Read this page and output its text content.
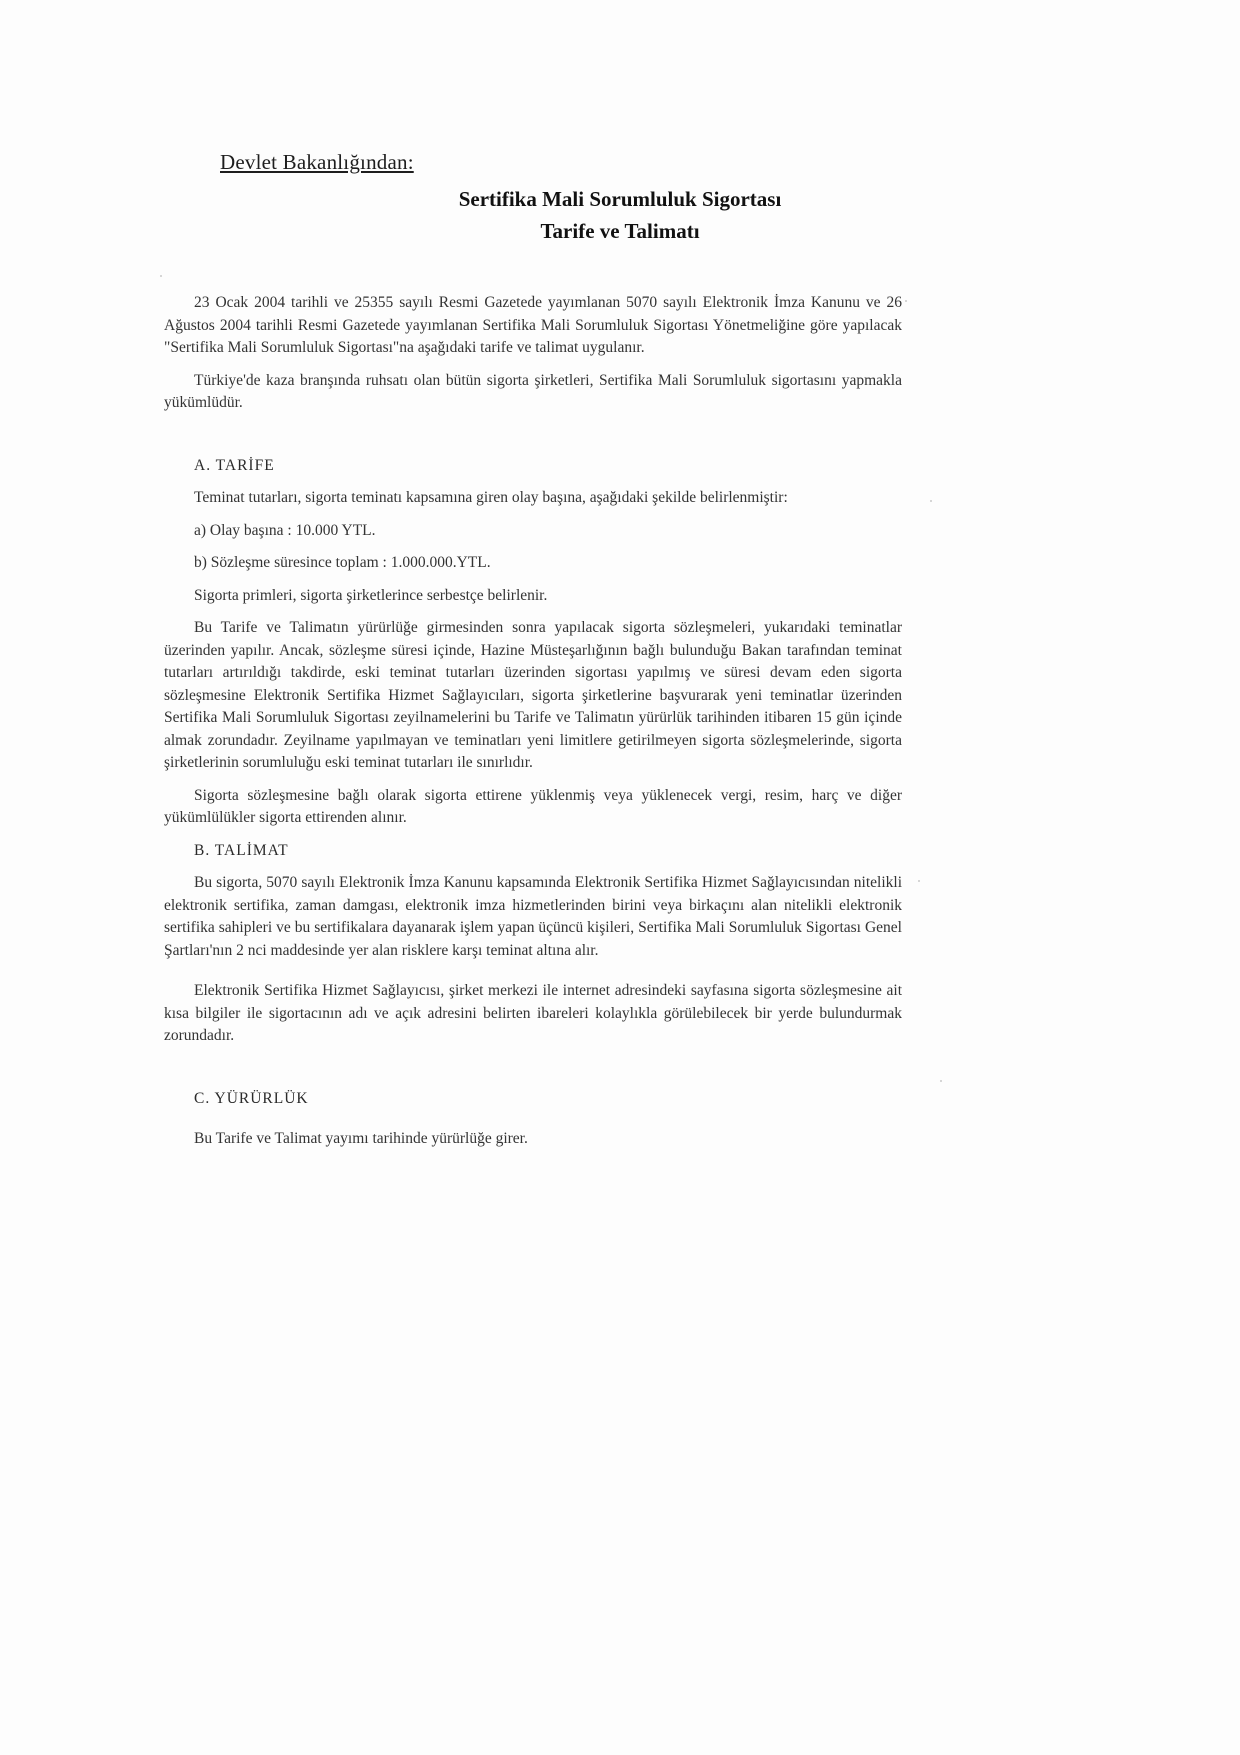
Devlet Bakanlığından:
Sertifika Mali Sorumluluk Sigortası
Tarife ve Talimatı

23 Ocak 2004 tarihli ve 25355 sayılı Resmi Gazetede yayımlanan 5070 sayılı Elektronik İmza Kanunu ve 26 Ağustos 2004 tarihli Resmi Gazetede yayımlanan Sertifika Mali Sorumluluk Sigortası Yönetmeliğine göre yapılacak "Sertifika Mali Sorumluluk Sigortası"na aşağıdaki tarife ve talimat uygulanır.

Türkiye'de kaza branşında ruhsatı olan bütün sigorta şirketleri, Sertifika Mali Sorumluluk sigortasını yapmakla yükümlüdür.

A. TARİFE

Teminat tutarları, sigorta teminatı kapsamına giren olay başına, aşağıdaki şekilde belirlenmiştir:

a) Olay başına : 10.000 YTL.
b) Sözleşme süresince toplam : 1.000.000.YTL.

Sigorta primleri, sigorta şirketlerince serbestçe belirlenir.

Bu Tarife ve Talimatın yürürlüğe girmesinden sonra yapılacak sigorta sözleşmeleri, yukarıdaki teminatlar üzerinden yapılır. Ancak, sözleşme süresi içinde, Hazine Müsteşarlığının bağlı bulunduğu Bakan tarafından teminat tutarları artırıldığı takdirde, eski teminat tutarları üzerinden sigortası yapılmış ve süresi devam eden sigorta sözleşmesine Elektronik Sertifika Hizmet Sağlayıcıları, sigorta şirketlerine başvurarak yeni teminatlar üzerinden Sertifika Mali Sorumluluk Sigortası zeyilnamelerini bu Tarife ve Talimatın yürürlük tarihinden itibaren 15 gün içinde almak zorundadır. Zeyilname yapılmayan ve teminatları yeni limitlere getirilmeyen sigorta sözleşmelerinde, sigorta şirketlerinin sorumluluğu eski teminat tutarları ile sınırlıdır.

Sigorta sözleşmesine bağlı olarak sigorta ettirene yüklenmiş veya yüklenecek vergi, resim, harç ve diğer yükümlülükler sigorta ettirenden alınır.

B. TALİMAT

Bu sigorta, 5070 sayılı Elektronik İmza Kanunu kapsamında Elektronik Sertifika Hizmet Sağlayıcısından nitelikli elektronik sertifika, zaman damgası, elektronik imza hizmetlerinden birini veya birkaçını alan nitelikli elektronik sertifika sahipleri ve bu sertifikalara dayanarak işlem yapan üçüncü kişileri, Sertifika Mali Sorumluluk Sigortası Genel Şartları'nın 2 nci maddesinde yer alan risklere karşı teminat altına alır.

Elektronik Sertifika Hizmet Sağlayıcısı, şirket merkezi ile internet adresindeki sayfasına sigorta sözleşmesine ait kısa bilgiler ile sigortacının adı ve açık adresini belirten ibareleri kolaylıkla görülebilecek bir yerde bulundurmak zorundadır.

C. YÜRÜRLÜK

Bu Tarife ve Talimat yayımı tarihinde yürürlüğe girer.
